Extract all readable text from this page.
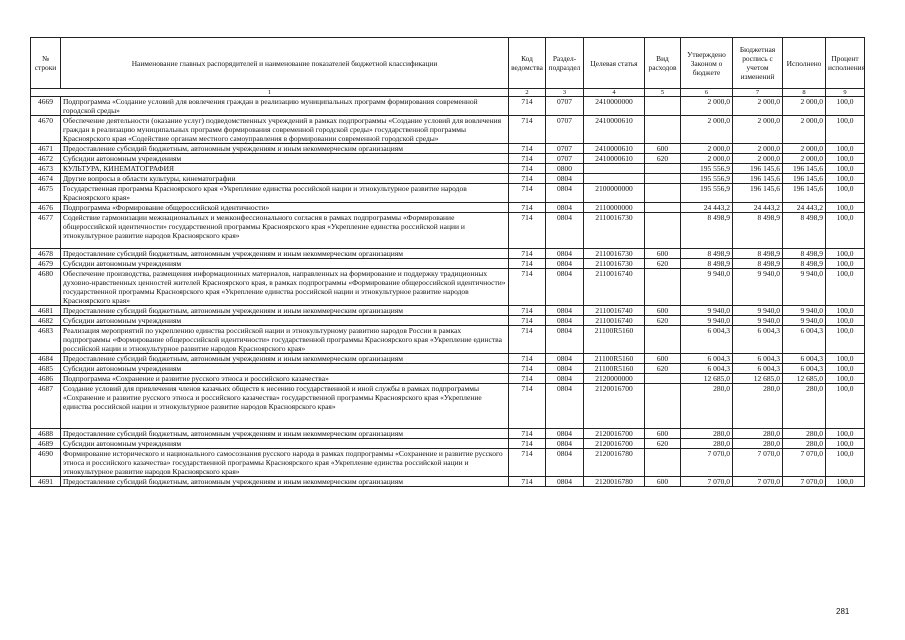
№ строки	Наименование главных распорядителей и наименование показателей бюджетной классификации	Код ведомства	Раздел-подраздел	Целевая статья	Вид расходов	Утверждено Законом о бюджете	Бюджетная роспись с учетом изменений	Исполнено	Процент исполнения
1		2	3	4	5	6	7	8	9
4669	Подпрограмма «Создание условий для вовлечения граждан в реализацию муниципальных программ формирования современной городской среды»	714	0707	2410000000		2 000,0	2 000,0	2 000,0	100,0
4670	Обеспечение деятельности (оказание услуг) подведомственных учреждений в рамках подпрограммы «Создание условий для вовлечения граждан в реализацию муниципальных программ формирования современной городской среды» государственной программы Красноярского края «Содействие органам местного самоуправления в формировании современной городской среды»	714	0707	2410000610		2 000,0	2 000,0	2 000,0	100,0
4671	Предоставление субсидий бюджетным, автономным учреждениям и иным некоммерческим организациям	714	0707	2410000610	600	2 000,0	2 000,0	2 000,0	100,0
4672	Субсидии автономным учреждениям	714	0707	2410000610	620	2 000,0	2 000,0	2 000,0	100,0
4673	КУЛЬТУРА, КИНЕМАТОГРАФИЯ	714	0800			195 556,9	196 145,6	196 145,6	100,0
4674	Другие вопросы в области культуры, кинематографии	714	0804			195 556,9	196 145,6	196 145,6	100,0
4675	Государственная программа Красноярского края «Укрепление единства российской нации и этнокультурное развитие народов Красноярского края»	714	0804	2100000000		195 556,9	196 145,6	196 145,6	100,0
4676	Подпрограмма «Формирование общероссийской идентичности»	714	0804	2110000000		24 443,2	24 443,2	24 443,2	100,0
4677	Содействие гармонизации межнациональных и межконфессионального согласия в рамках подпрограммы «Формирование общероссийской идентичности» государственной программы Красноярского края «Укрепление единства российской нации и этнокультурное развитие народов Красноярского края»	714	0804	2110016730		8 498,9	8 498,9	8 498,9	100,0
4678	Предоставление субсидий бюджетным, автономным учреждениям и иным некоммерческим организациям	714	0804	2110016730	600	8 498,9	8 498,9	8 498,9	100,0
4679	Субсидии автономным учреждениям	714	0804	2110016730	620	8 498,9	8 498,9	8 498,9	100,0
4680	Обеспечение производства, размещения информационных материалов, направленных на формирование и поддержку традиционных духовно-нравственных ценностей жителей Красноярского края, в рамках подпрограммы «Формирование общероссийской идентичности» государственной программы Красноярского края «Укрепление единства российской нации и этнокультурное развитие народов Красноярского края»	714	0804	2110016740		9 940,0	9 940,0	9 940,0	100,0
4681	Предоставление субсидий бюджетным, автономным учреждениям и иным некоммерческим организациям	714	0804	2110016740	600	9 940,0	9 940,0	9 940,0	100,0
4682	Субсидии автономным учреждениям	714	0804	2110016740	620	9 940,0	9 940,0	9 940,0	100,0
4683	Реализация мероприятий по укреплению единства российской нации и этнокультурному развитию народов России в рамках подпрограммы «Формирование общероссийской идентичности» государственной программы Красноярского края «Укрепление единства российской нации и этнокультурное развитие народов Красноярского края»	714	0804	21100R5160		6 004,3	6 004,3	6 004,3	100,0
4684	Предоставление субсидий бюджетным, автономным учреждениям и иным некоммерческим организациям	714	0804	21100R5160	600	6 004,3	6 004,3	6 004,3	100,0
4685	Субсидии автономным учреждениям	714	0804	21100R5160	620	6 004,3	6 004,3	6 004,3	100,0
4686	Подпрограмма «Сохранение и развитие русского этноса и российского казачества»	714	0804	2120000000		12 685,0	12 685,0	12 685,0	100,0
4687	Создание условий для привлечения членов казачьих обществ к несению государственной и иной службы в рамках подпрограммы «Сохранение и развитие русского этноса и российского казачества» государственной программы Красноярского края «Укрепление единства российской нации и этнокультурное развитие народов Красноярского края»	714	0804	2120016700		280,0	280,0	280,0	100,0
4688	Предоставление субсидий бюджетным, автономным учреждениям и иным некоммерческим организациям	714	0804	2120016700	600	280,0	280,0	280,0	100,0
4689	Субсидии автономным учреждениям	714	0804	2120016700	620	280,0	280,0	280,0	100,0
4690	Формирование исторического и национального самосознания русского народа в рамках подпрограммы «Сохранение и развитие русского этноса и российского казачества» государственной программы Красноярского края «Укрепление единства российской нации и этнокультурное развитие народов Красноярского края»	714	0804	2120016780		7 070,0	7 070,0	7 070,0	100,0
4691	Предоставление субсидий бюджетным, автономным учреждениям и иным некоммерческим организациям	714	0804	2120016780	600	7 070,0	7 070,0	7 070,0	100,0
281
